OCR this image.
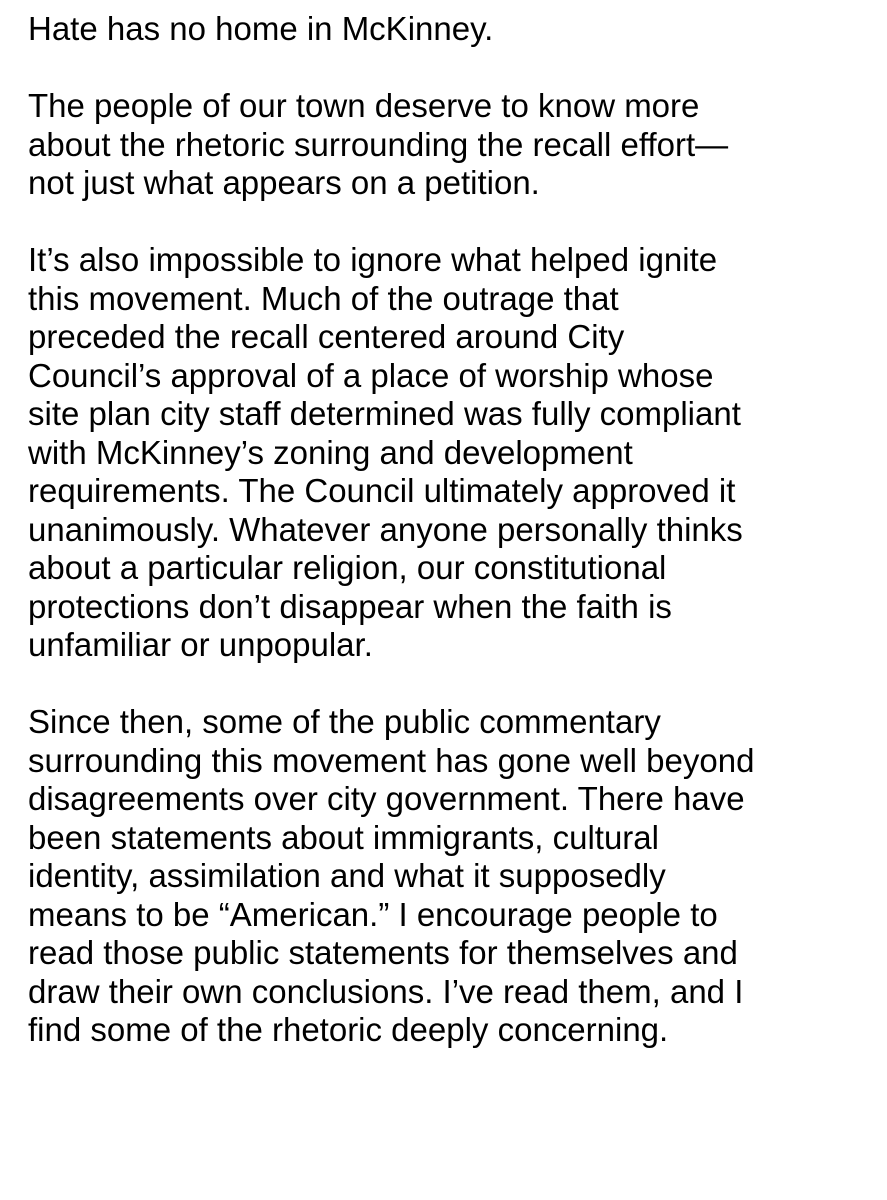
Hate has no home in McKinney.
The people of our town deserve to know more
about the rhetoric surrounding the recall effort—
not just what appears on a petition.
It’s also impossible to ignore what helped ignite
this movement. Much of the outrage that
preceded the recall centered around City
Council’s approval of a place of worship whose
site plan city staff determined was fully compliant
with McKinney’s zoning and development
requirements. The Council ultimately approved it
unanimously. Whatever anyone personally thinks
about a particular religion, our constitutional
protections don’t disappear when the faith is
unfamiliar or unpopular.
Since then, some of the public commentary
surrounding this movement has gone well beyond
disagreements over city government. There have
been statements about immigrants, cultural
identity, assimilation and what it supposedly
means to be “American.” I encourage people to
read those public statements for themselves and
draw their own conclusions. I’ve read them, and I
find some of the rhetoric deeply concerning.
